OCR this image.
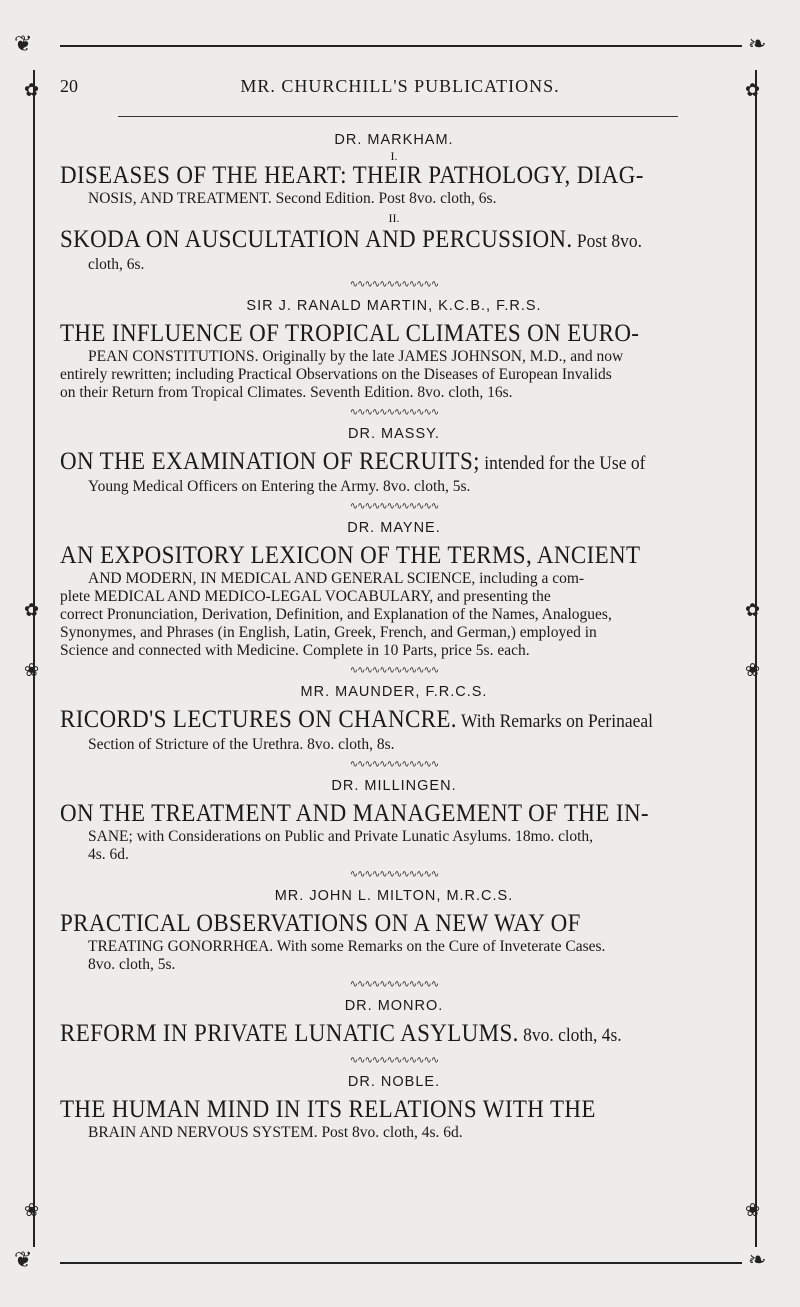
❦	❧
❦	❧
✿
❀
✿
❀
✿	✿
❀	❀
20	MR. CHURCHILL'S PUBLICATIONS.

DR. MARKHAM.

I.

DISEASES OF THE HEART: THEIR PATHOLOGY, DIAG-

NOSIS, AND TREATMENT. Second Edition. Post 8vo. cloth, 6s.

II.

SKODA ON AUSCULTATION AND PERCUSSION. Post 8vo.

cloth, 6s.

∿∿∿∿∿∿∿∿∿∿∿∿

SIR J. RANALD MARTIN, K.C.B., F.R.S.

THE INFLUENCE OF TROPICAL CLIMATES ON EURO-

PEAN CONSTITUTIONS. Originally by the late JAMES JOHNSON, M.D., and now

entirely rewritten; including Practical Observations on the Diseases of European Invalids

on their Return from Tropical Climates. Seventh Edition. 8vo. cloth, 16s.

∿∿∿∿∿∿∿∿∿∿∿∿

DR. MASSY.

ON THE EXAMINATION OF RECRUITS; intended for the Use of

Young Medical Officers on Entering the Army. 8vo. cloth, 5s.

∿∿∿∿∿∿∿∿∿∿∿∿

DR. MAYNE.

AN EXPOSITORY LEXICON OF THE TERMS, ANCIENT

AND MODERN, IN MEDICAL AND GENERAL SCIENCE, including a com-

plete MEDICAL AND MEDICO-LEGAL VOCABULARY, and presenting the

correct Pronunciation, Derivation, Definition, and Explanation of the Names, Analogues,

Synonymes, and Phrases (in English, Latin, Greek, French, and German,) employed in

Science and connected with Medicine. Complete in 10 Parts, price 5s. each.

∿∿∿∿∿∿∿∿∿∿∿∿

MR. MAUNDER, F.R.C.S.

RICORD'S LECTURES ON CHANCRE. With Remarks on Perinaeal

Section of Stricture of the Urethra. 8vo. cloth, 8s.

∿∿∿∿∿∿∿∿∿∿∿∿

DR. MILLINGEN.

ON THE TREATMENT AND MANAGEMENT OF THE IN-

SANE; with Considerations on Public and Private Lunatic Asylums. 18mo. cloth,

4s. 6d.

∿∿∿∿∿∿∿∿∿∿∿∿

MR. JOHN L. MILTON, M.R.C.S.

PRACTICAL OBSERVATIONS ON A NEW WAY OF

TREATING GONORRHŒA. With some Remarks on the Cure of Inveterate Cases.

8vo. cloth, 5s.

∿∿∿∿∿∿∿∿∿∿∿∿

DR. MONRO.

REFORM IN PRIVATE LUNATIC ASYLUMS. 8vo. cloth, 4s.

∿∿∿∿∿∿∿∿∿∿∿∿

DR. NOBLE.

THE HUMAN MIND IN ITS RELATIONS WITH THE

BRAIN AND NERVOUS SYSTEM. Post 8vo. cloth, 4s. 6d.
